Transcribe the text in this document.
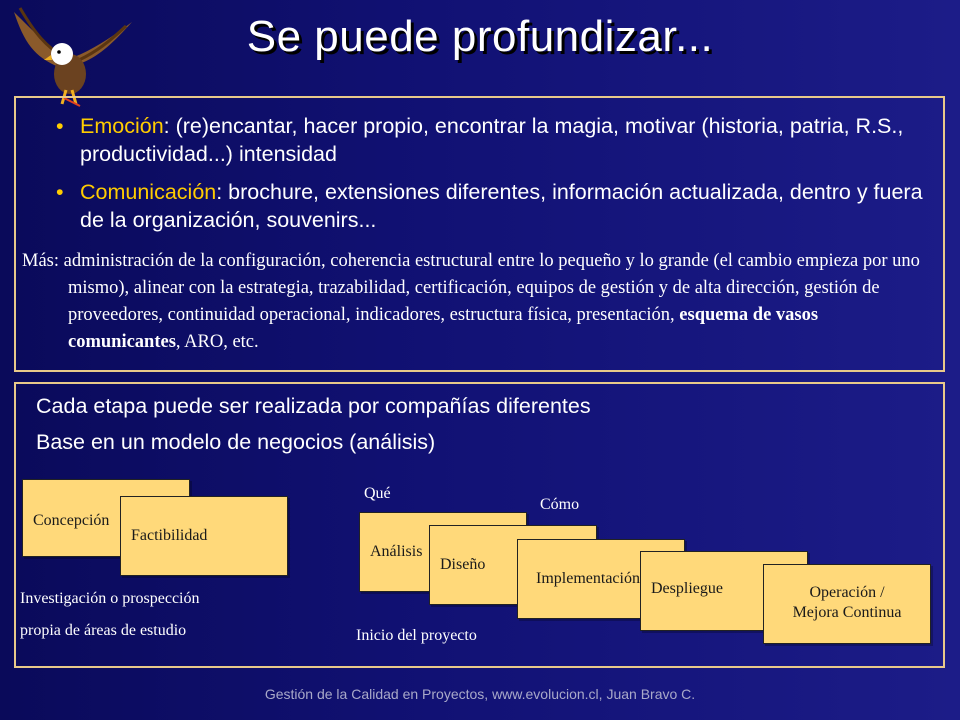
Se puede profundizar...
• Emoción: (re)encantar, hacer propio, encontrar la magia, motivar (historia, patria, R.S., productividad...) intensidad
• Comunicación: brochure, extensiones diferentes, información actualizada, dentro y fuera de la organización, souvenirs...
Más: administración de la configuración, coherencia estructural entre lo pequeño y lo grande (el cambio empieza por uno mismo), alinear con la estrategia, trazabilidad, certificación, equipos de gestión y de alta dirección, gestión de proveedores, continuidad operacional, indicadores, estructura física, presentación, esquema de vasos comunicantes, ARO, etc.
Cada etapa puede ser realizada por compañías diferentes
Base en un modelo de negocios (análisis)
Concepción
Factibilidad
Análisis
Diseño
Implementación
Despliegue	Operación /
Mejora Continua
Investigación o prospección
propia de áreas de estudio
Qué
Cómo
Inicio del proyecto
Gestión de la Calidad en Proyectos, www.evolucion.cl, Juan Bravo C.
